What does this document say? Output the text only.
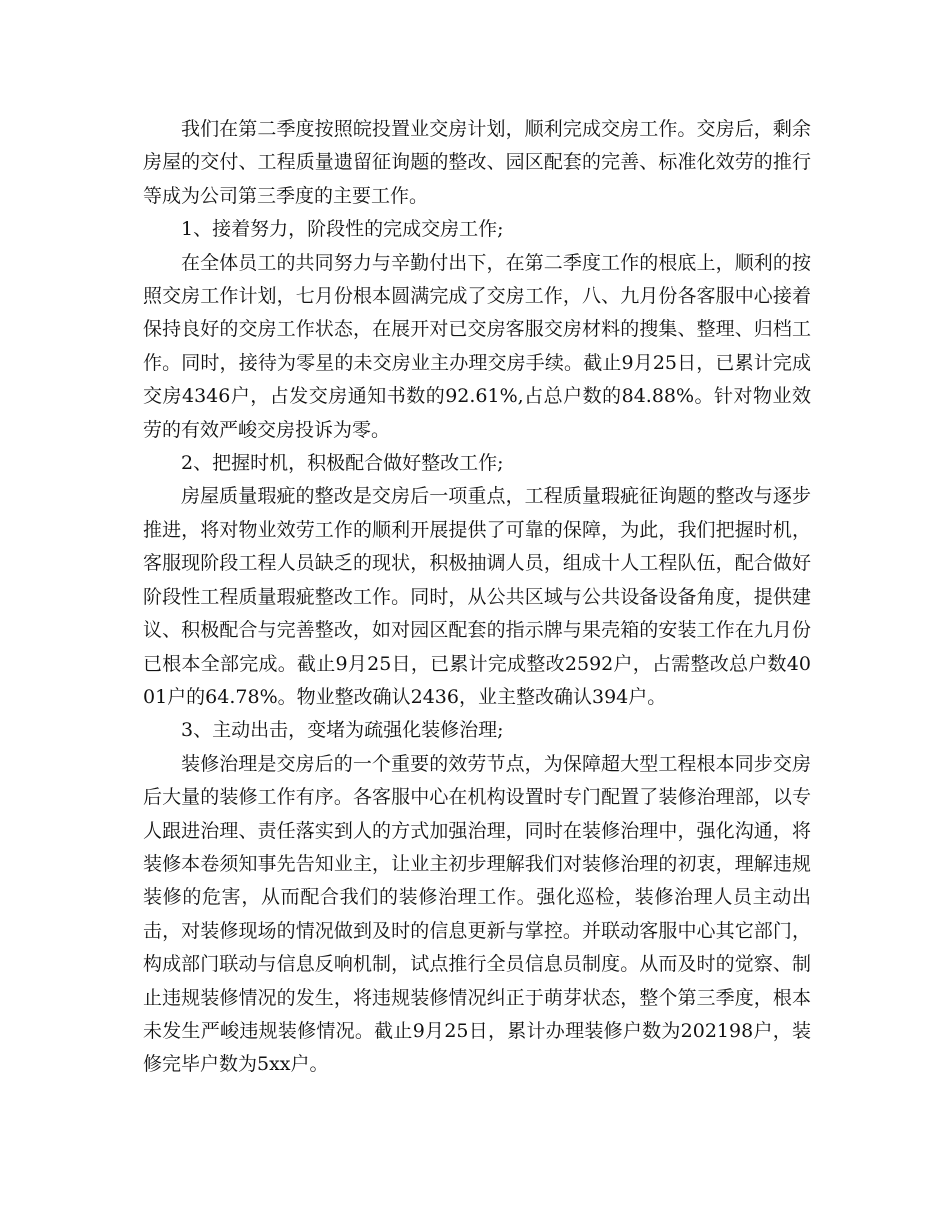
我们在第二季度按照皖投置业交房计划，顺利完成交房工作。交房后，剩余房屋的交付、工程质量遗留征询题的整改、园区配套的完善、标准化效劳的推行等成为公司第三季度的主要工作。

1、接着努力，阶段性的完成交房工作;

在全体员工的共同努力与辛勤付出下，在第二季度工作的根底上，顺利的按照交房工作计划，七月份根本圆满完成了交房工作，八、九月份各客服中心接着保持良好的交房工作状态，在展开对已交房客服交房材料的搜集、整理、归档工作。同时，接待为零星的未交房业主办理交房手续。截止9月25日，已累计完成交房4346户，占发交房通知书数的92.61%,占总户数的84.88%。针对物业效劳的有效严峻交房投诉为零。

2、把握时机，积极配合做好整改工作;

房屋质量瑕疵的整改是交房后一项重点，工程质量瑕疵征询题的整改与逐步推进，将对物业效劳工作的顺利开展提供了可靠的保障，为此，我们把握时机，客服现阶段工程人员缺乏的现状，积极抽调人员，组成十人工程队伍，配合做好阶段性工程质量瑕疵整改工作。同时，从公共区域与公共设备设备角度，提供建议、积极配合与完善整改，如对园区配套的指示牌与果壳箱的安装工作在九月份已根本全部完成。截止9月25日，已累计完成整改2592户，占需整改总户数4001户的64.78%。物业整改确认2436，业主整改确认394户。

3、主动出击，变堵为疏强化装修治理;

装修治理是交房后的一个重要的效劳节点，为保障超大型工程根本同步交房后大量的装修工作有序。各客服中心在机构设置时专门配置了装修治理部，以专人跟进治理、责任落实到人的方式加强治理，同时在装修治理中，强化沟通，将装修本卷须知事先告知业主，让业主初步理解我们对装修治理的初衷，理解违规装修的危害，从而配合我们的装修治理工作。强化巡检，装修治理人员主动出击，对装修现场的情况做到及时的信息更新与掌控。并联动客服中心其它部门，构成部门联动与信息反响机制，试点推行全员信息员制度。从而及时的觉察、制止违规装修情况的发生，将违规装修情况纠正于萌芽状态，整个第三季度，根本未发生严峻违规装修情况。截止9月25日，累计办理装修户数为202198户，装修完毕户数为5xx户。
